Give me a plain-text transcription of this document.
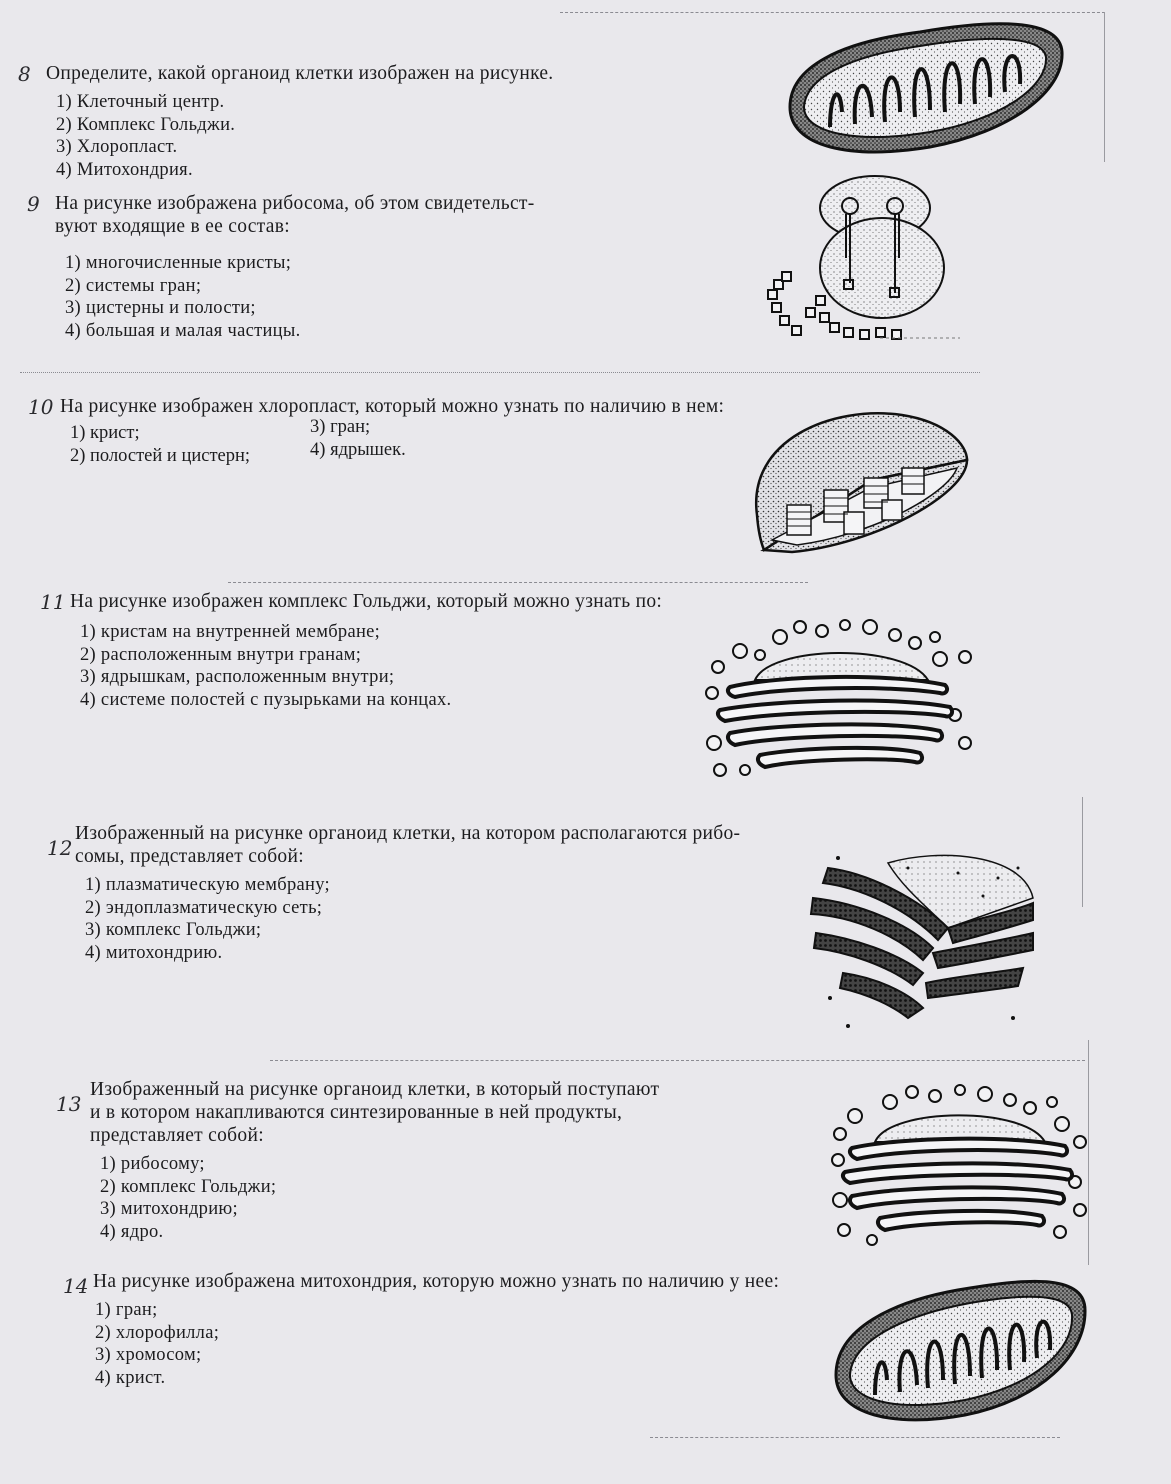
8 Определите, какой органоид клетки изображен на рисунке.
1) Клеточный центр.
2) Комплекс Гольджи.
3) Хлоропласт.
4) Митохондрия.
9 На рисунке изображена рибосома, об этом свидетельст-
вуют входящие в ее состав:
1) многочисленные кристы;
2) системы гран;
3) цистерны и полости;
4) большая и малая частицы.
10 На рисунке изображен хлоропласт, который можно узнать по наличию в нем:
1) крист;
2) полостей и цистерн;
3) гран;
4) ядрышек.
11 На рисунке изображен комплекс Гольджи, который можно узнать по:
1) кристам на внутренней мембране;
2) расположенным внутри гранам;
3) ядрышкам, расположенным внутри;
4) системе полостей с пузырьками на концах.
12
Изображенный на рисунке органоид клетки, на котором располагаются рибо-
сомы, представляет собой:
1) плазматическую мембрану;
2) эндоплазматическую сеть;
3) комплекс Гольджи;
4) митохондрию.
13
Изображенный на рисунке органоид клетки, в который поступают
и в котором накапливаются синтезированные в ней продукты,
представляет собой:
1) рибосому;
2) комплекс Гольджи;
3) митохондрию;
4) ядро.
14 На рисунке изображена митохондрия, которую можно узнать по наличию у нее:
1) гран;
2) хлорофилла;
3) хромосом;
4) крист.
